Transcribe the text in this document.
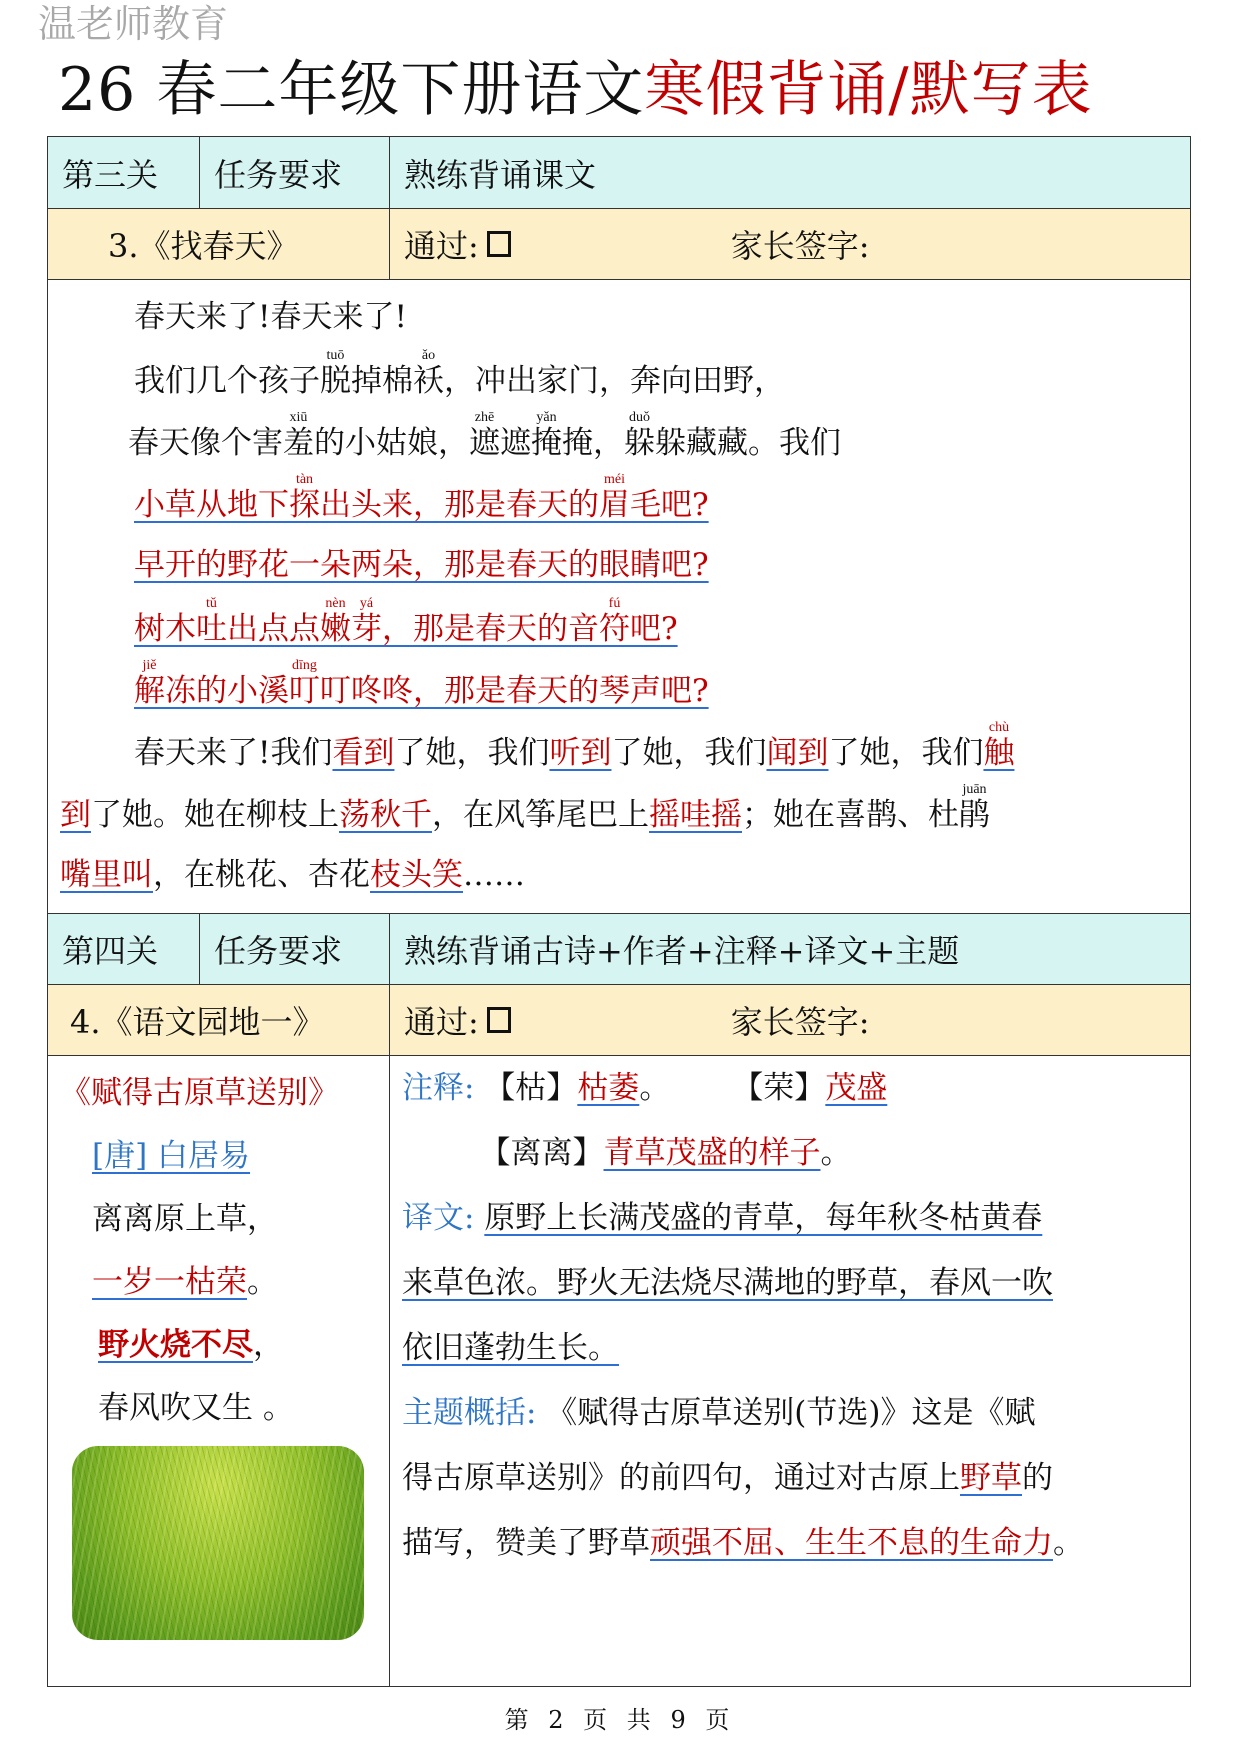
温老师教育
26 春二年级下册语文寒假背诵/默写表
第三关	任务要求	熟练背诵课文
3.《找春天》	通过:	家长签字:
春天来了!春天来了!
我们几个孩子脱tuō掉棉袄ǎo，冲出家门，奔向田野，
春天像个害羞xiū的小姑娘，遮zhē遮掩yǎn掩，躲duǒ躲藏藏。我们
小草从地下探tàn出头来，那是春天的眉méi毛吧?
早开的野花一朵两朵，那是春天的眼睛吧?
树木吐tǔ出点点嫩nèn芽yá，那是春天的音符fú吧?
解jiě冻的小溪叮dīng叮咚咚，那是春天的琴声吧?
春天来了!我们看到了她，我们听到了她，我们闻到了她，我们触chù
到了她。她在柳枝上荡秋千，在风筝尾巴上摇哇摇；她在喜鹊、杜鹃juān
嘴里叫，在桃花、杏花枝头笑……
第四关	任务要求	熟练背诵古诗+作者+注释+译文+主题
4.《语文园地一》	通过:	家长签字:
《赋得古原草送别》
[唐] 白居易
离离原上草，
一岁一枯荣。
野火烧不尽，
春风吹又生 。
注释: 【枯】枯萎。　　　【荣】茂盛
　　　【离离】青草茂盛的样子。
译文: 原野上长满茂盛的青草，每年秋冬枯黄春
来草色浓。野火无法烧尽满地的野草，春风一吹
依旧蓬勃生长。
主题概括: 《赋得古原草送别(节选)》这是《赋
得古原草送别》的前四句，通过对古原上野草的
描写，赞美了野草顽强不屈、生生不息的生命力。
第 2 页 共 9 页
